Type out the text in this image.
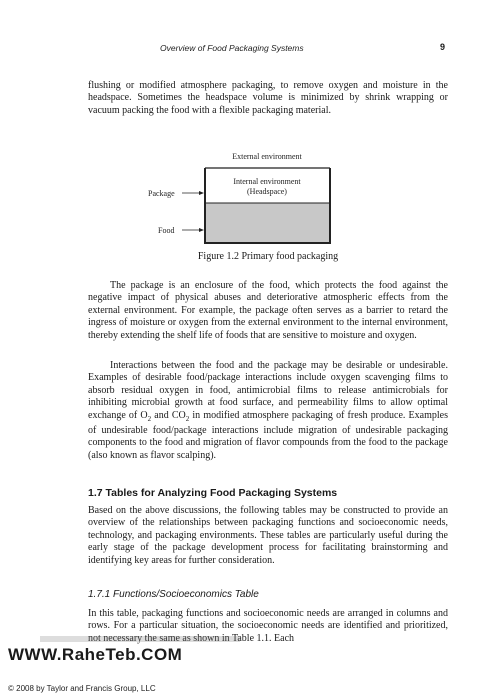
Overview of Food Packaging Systems	9

flushing or modified atmosphere packaging, to remove oxygen and moisture in the headspace. Sometimes the headspace volume is minimized by shrink wrapping or vacuum packing the food with a flexible packaging material.

External environment
Internal environment
(Headspace)
Package
Food
Figure 1.2 Primary food packaging

The package is an enclosure of the food, which protects the food against the negative impact of physical abuses and deteriorative atmospheric effects from the external environment. For example, the package often serves as a barrier to retard the ingress of moisture or oxygen from the external environment to the internal environment, thereby extending the shelf life of foods that are sensitive to moisture and oxygen.

Interactions between the food and the package may be desirable or undesirable. Examples of desirable food/package interactions include oxygen scavenging films to absorb residual oxygen in food, antimicrobial films to release antimicrobials for inhibiting microbial growth at food surface, and permeability films to allow optimal exchange of $O_2$ and $CO_2$ in modified atmosphere packaging of fresh produce. Examples of undesirable food/package interactions include migration of undesirable packaging components to the food and migration of flavor compounds from the food to the package (also known as flavor scalping).

1.7 Tables for Analyzing Food Packaging Systems

Based on the above discussions, the following tables may be constructed to provide an overview of the relationships between packaging functions and socioeconomic needs, technology, and packaging environments. These tables are particularly useful during the early stage of the package development process for facilitating brainstorming and identifying key areas for further consideration.

1.7.1 Functions/Socioeconomics Table

In this table, packaging functions and socioeconomic needs are arranged in columns and rows. For a particular situation, the socioeconomic needs are identified and prioritized, not necessary the same as shown in Table 1.1. Each

WWW.RaheTeb.COM
© 2008 by Taylor and Francis Group, LLC
